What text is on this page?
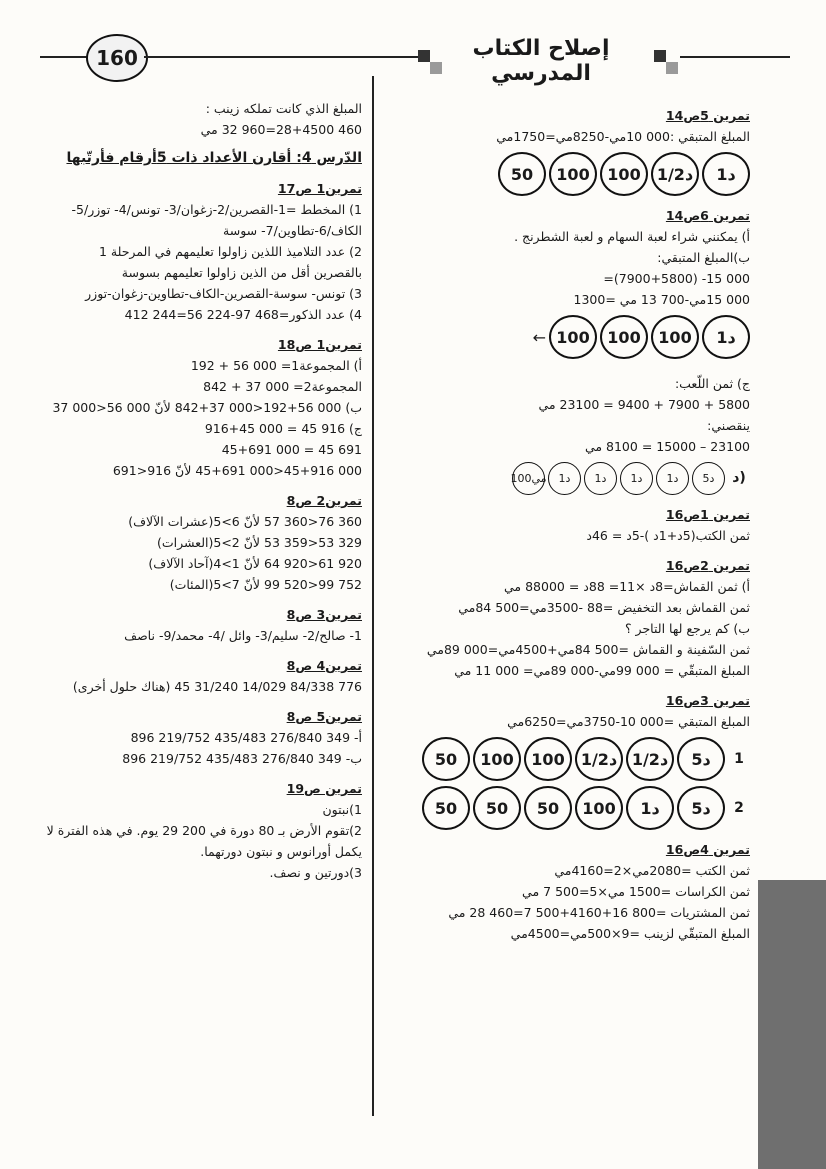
160	إصلاح الكتاب المدرسي
تمرين 5ص14
المبلغ المتبقي :000 10مي-8250مي=1750مي
50	100	100	1/2د	1د
تمرين 6ص14
أ) يمكنني شراء لعبة السهام و لعبة الشطرنج .
ب)المبلغ المتبقي:
000 15- (7900+5800)=
000 15مي-700 13 مي =1300
← 100	100	100	1د
ج) ثمن اللّعب:
5800 + 7900 + 9400 = 23100 مي
ينقصني:
23100 – 15000 = 8100 مي
100مي	1د	1د	1د	1د	5د	د)
تمرين 1ص16
ثمن الكتب(5د+1د )-5د = 46د
تمرين 2ص16
أ) ثمن القماش=8د ×11= 88د = 88000 مي
ثمن القماش بعد التخفيض =88 -3500مي=500 84مي
ب) كم يرجع لها التاجر ؟
ثمن السّفينة و القماش =500 84مي+4500مي=000 89مي
المبلغ المتبقّي = 000 99مي-000 89مي= 000 11 مي
تمرين 3ص16
المبلغ المتبقي =000 10-3750مي=6250مي
50	100	100	1/2د 1/2د	5د	1
50	50	50	100	1د	5د	2
تمرين 4ص16
ثمن الكتب =2080مي×2=4160مي
ثمن الكراسات =1500 مي×5=500 7 مي
ثمن المشتريات =800 16+4160+500 7=460 28 مي
المبلغ المتبقّي لزينب =9×500مي=4500مي
المبلغ الذي كانت تملكه زينب :
460 28+4500=960 32 مي
الدّرس 4: أقارن الأعداد ذات 5أرقام فأرتّبها
تمرين1 ص17
1) المخطط =1-القصرين/2-زغوان/3- تونس/4- توزر/5-
الكاف/6-تطاوين/7- سوسة
2) عدد التلاميذ اللذين زاولوا تعليمهم في المرحلة 1
بالقصرين أقل من الذين زاولوا تعليمهم بسوسة
3) تونس- سوسة-القصرين-الكاف-تطاوين-زغوان-توزر
4) عدد الذكور=468 97-224 56=244 412
تمرين1 ص18
أ) المجموعة1= 000 56 + 192
المجموعة2= 000 37 + 842
ب) 000 56+192<000 37+842 لأنّ 000 56<000 37
ج) 916 45 = 000 45+916
691 45 = 000 45+691
000 45+916<000 45+691 لأنّ 916<691
تمرين2 ص8
360 76<360 57 لأنّ 6>5(عشرات الآلاف)
329 53<359 53 لأنّ 2>5(العشرات)
920 61<920 64 لأنّ 1>4(آحاد الآلاف)
752 99<520 99 لأنّ 7>5(المئات)
تمرين3 ص8
1- صالح/2- سليم/3- وائل /4- محمد/9- ناصف
تمرين4 ص8
776 84/338 14/029 31/240 45 (هناك حلول أخرى)
تمرين5 ص8
أ- 349 276/840 435/483 219/752 896
ب- 349 276/840 435/483 219/752 896
تمرين ص19
1)نبتون
2)تقوم الأرض بـ 80 دورة في 200 29 يوم. في هذه الفترة لا
يكمل أورانوس و نبتون دورتهما.
3)دورتين و نصف.
